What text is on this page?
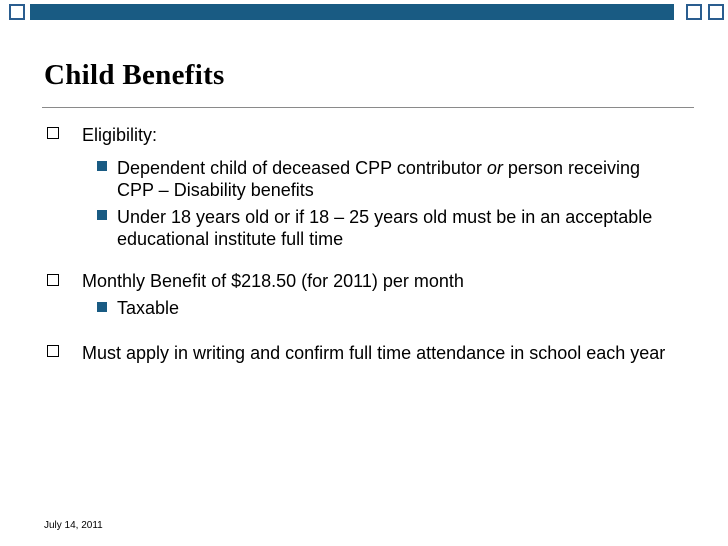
Child Benefits
Eligibility:
Dependent child of deceased CPP contributor or person receiving CPP – Disability benefits
Under 18 years old or if 18 – 25 years old must be in an acceptable educational institute full time
Monthly Benefit of $218.50 (for 2011) per month
Taxable
Must apply in writing and confirm full time attendance in school each year
July 14, 2011
